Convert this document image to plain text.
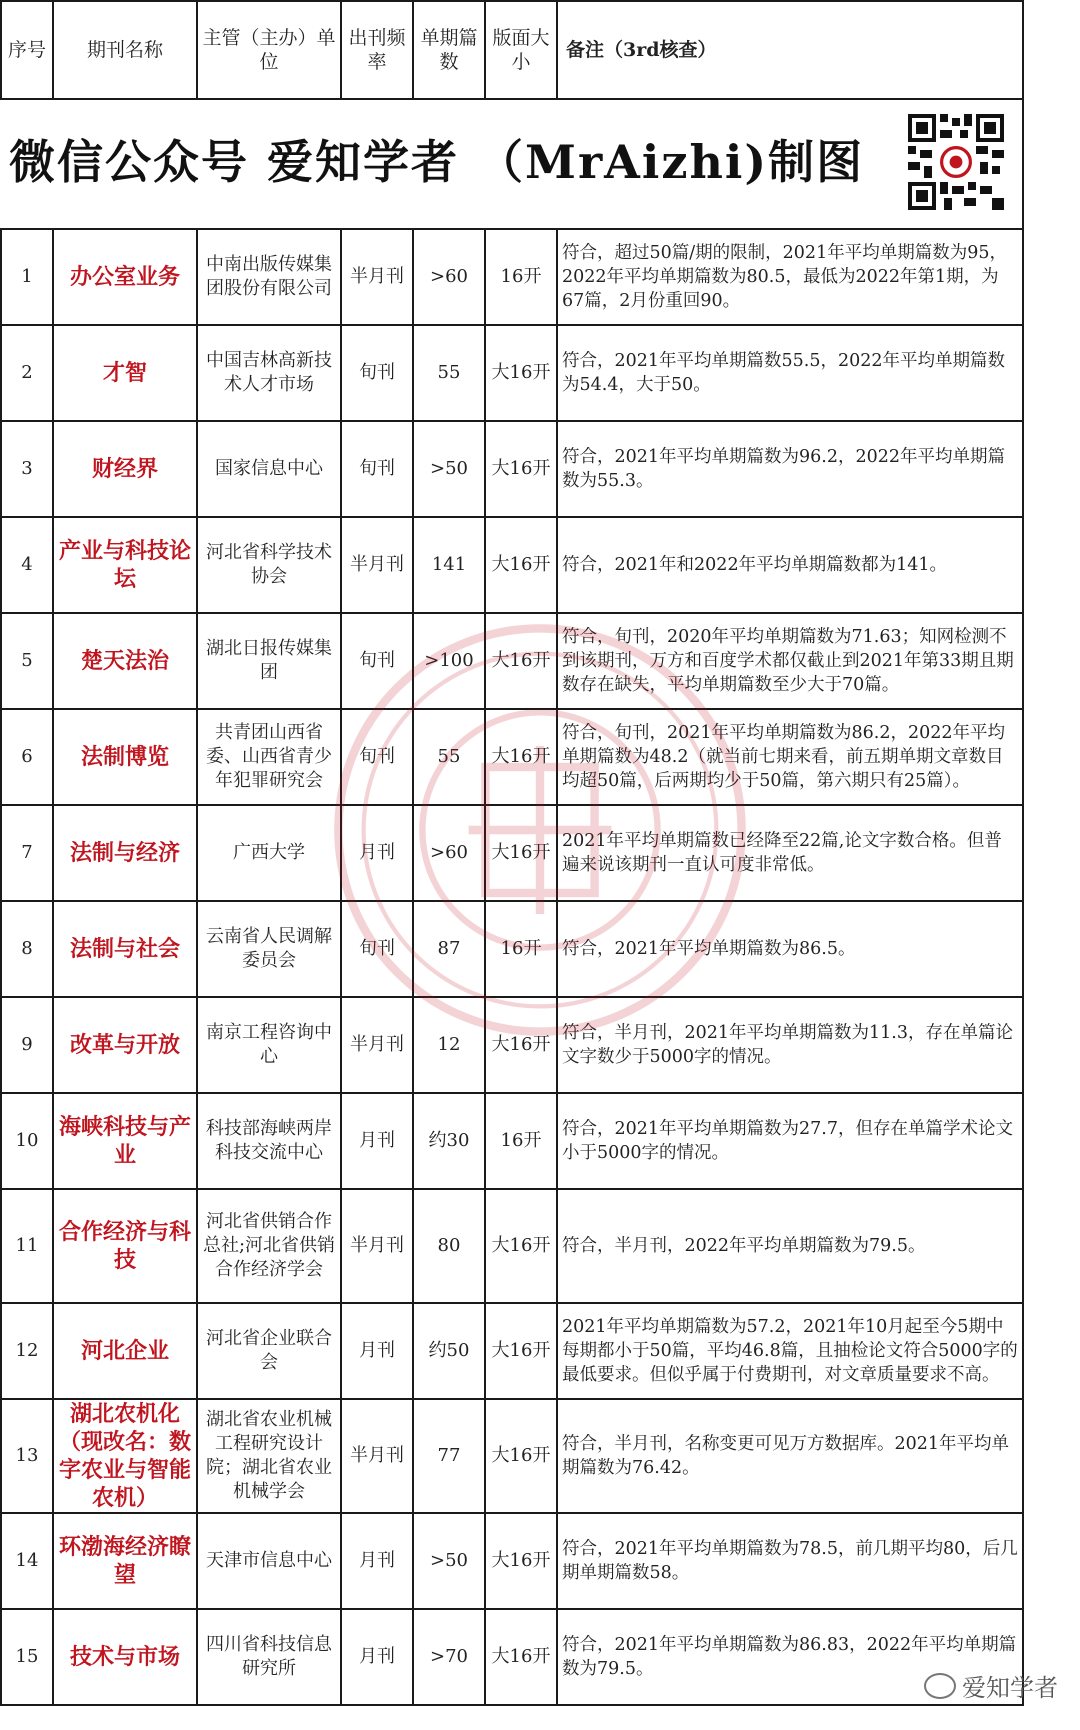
序号	期刊名称	主管（主办）单位	出刊频率	单期篇数	版面大小	备注（3rd核查）

微信公众号 爱知学者 （MrAizhi)制图						

1	办公室业务	中南出版传媒集团股份有限公司	半月刊	>60	16开	符合，超过50篇/期的限制，2021年平均单期篇数为95，2022年平均单期篇数为80.5，最低为2022年第1期，为67篇，2月份重回90。
2	才智	中国吉林高新技术人才市场	旬刊	55	大16开	符合，2021年平均单期篇数55.5，2022年平均单期篇数为54.4，大于50。
3	财经界	国家信息中心	旬刊	>50	大16开	符合，2021年平均单期篇数为96.2，2022年平均单期篇数为55.3。
4	产业与科技论坛	河北省科学技术协会	半月刊	141	大16开	符合，2021年和2022年平均单期篇数都为141。
5	楚天法治	湖北日报传媒集团	旬刊	>100	大16开	符合，旬刊，2020年平均单期篇数为71.63；知网检测不到该期刊，万方和百度学术都仅截止到2021年第33期且期数存在缺失，平均单期篇数至少大于70篇。
6	法制博览	共青团山西省委、山西省青少年犯罪研究会	旬刊	55	大16开	符合，旬刊，2021年平均单期篇数为86.2，2022年平均单期篇数为48.2（就当前七期来看，前五期单期文章数目均超50篇，后两期均少于50篇，第六期只有25篇）。
7	法制与经济	广西大学	月刊	>60	大16开	2021年平均单期篇数已经降至22篇,论文字数合格。但普遍来说该期刊一直认可度非常低。
8	法制与社会	云南省人民调解委员会	旬刊	87	16开	符合，2021年平均单期篇数为86.5。
9	改革与开放	南京工程咨询中心	半月刊	12	大16开	符合，半月刊，2021年平均单期篇数为11.3，存在单篇论文字数少于5000字的情况。
10	海峡科技与产业	科技部海峡两岸科技交流中心	月刊	约30	16开	符合，2021年平均单期篇数为27.7，但存在单篇学术论文小于5000字的情况。
11	合作经济与科技	河北省供销合作总社;河北省供销合作经济学会	半月刊	80	大16开	符合，半月刊，2022年平均单期篇数为79.5。
12	河北企业	河北省企业联合会	月刊	约50	大16开	2021年平均单期篇数为57.2，2021年10月起至今5期中每期都小于50篇，平均46.8篇，且抽检论文符合5000字的最低要求。但似乎属于付费期刊，对文章质量要求不高。
13	湖北农机化（现改名：数字农业与智能农机）	湖北省农业机械工程研究设计院；湖北省农业机械学会	半月刊	77	大16开	符合，半月刊，名称变更可见万方数据库。2021年平均单期篇数为76.42。
14	环渤海经济瞭望	天津市信息中心	月刊	>50	大16开	符合，2021年平均单期篇数为78.5，前几期平均80，后几期单期篇数58。
15	技术与市场	四川省科技信息研究所	月刊	>70	大16开	符合，2021年平均单期篇数为86.83，2022年平均单期篇数为79.5。
爱知学者
